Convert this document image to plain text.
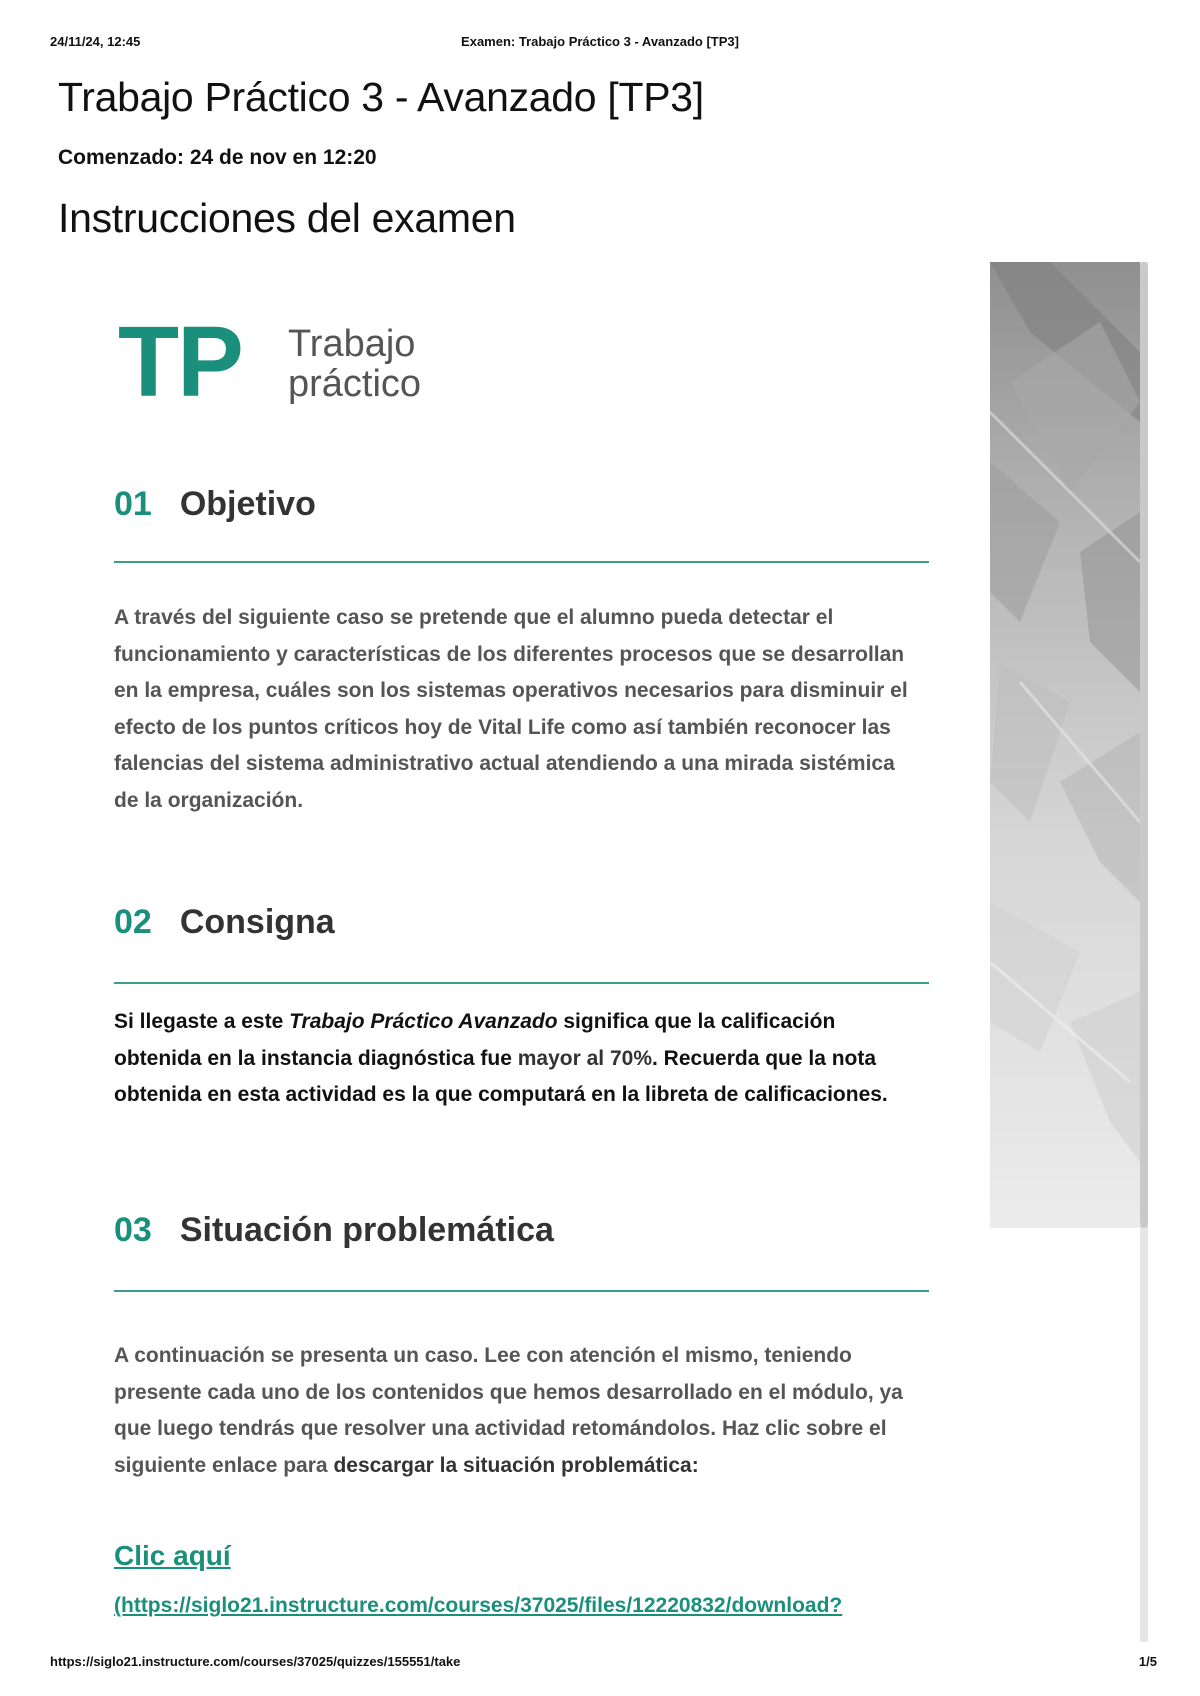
24/11/24, 12:45	Examen: Trabajo Práctico 3 - Avanzado [TP3]
Trabajo Práctico 3 - Avanzado [TP3]
Comenzado: 24 de nov en 12:20
Instrucciones del examen
TP Trabajo
práctico
01 Objetivo

A través del siguiente caso se pretende que el alumno pueda detectar el funcionamiento y características de los diferentes procesos que se desarrollan en la empresa, cuáles son los sistemas operativos necesarios para disminuir el efecto de los puntos críticos hoy de Vital Life como así también reconocer las falencias del sistema administrativo actual atendiendo a una mirada sistémica de la organización.

02 Consigna

Si llegaste a este Trabajo Práctico Avanzado significa que la calificación obtenida en la instancia diagnóstica fue mayor al 70%. Recuerda que la nota obtenida en esta actividad es la que computará en la libreta de calificaciones.

03 Situación problemática

A continuación se presenta un caso. Lee con atención el mismo, teniendo presente cada uno de los contenidos que hemos desarrollado en el módulo, ya que luego tendrás que resolver una actividad retomándolos. Haz clic sobre el siguiente enlace para descargar la situación problemática:

Clic aquí
(https://siglo21.instructure.com/courses/37025/files/12220832/download?
https://siglo21.instructure.com/courses/37025/quizzes/155551/take	1/5
